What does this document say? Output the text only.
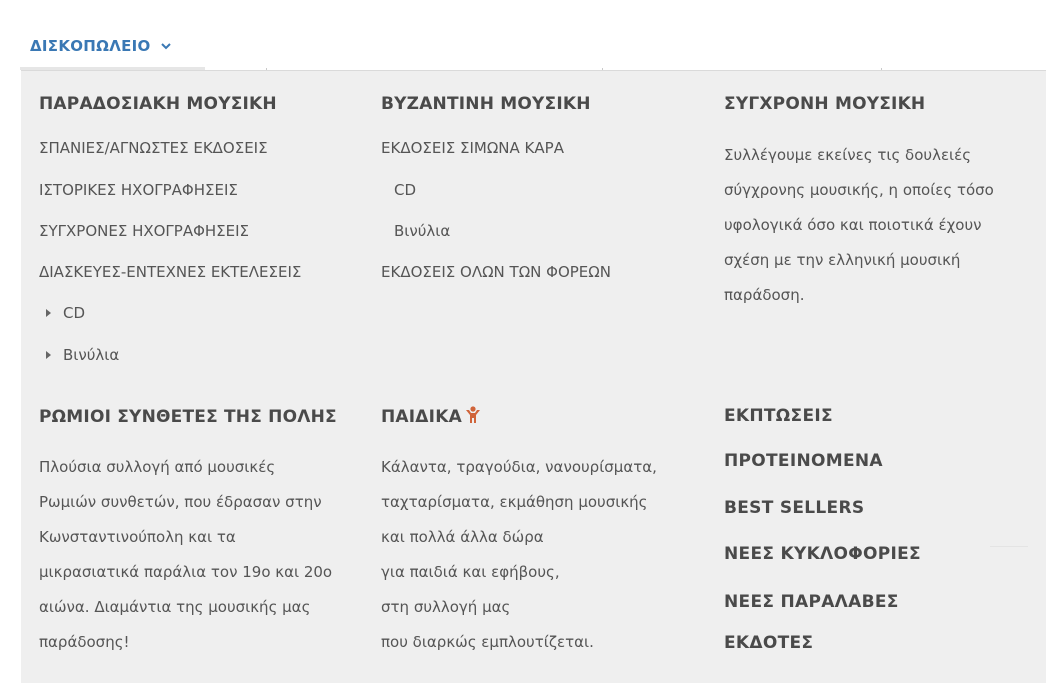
ΔΙΣΚΟΠΩΛΕΙΟ
ΠΑΡΑΔΟΣΙΑΚΗ ΜΟΥΣΙΚΗ
ΣΠΑΝΙΕΣ/ΑΓΝΩΣΤΕΣ ΕΚΔΟΣΕΙΣ
ΙΣΤΟΡΙΚΕΣ ΗΧΟΓΡΑΦΗΣΕΙΣ
ΣΥΓΧΡΟΝΕΣ ΗΧΟΓΡΑΦΗΣΕΙΣ
ΔΙΑΣΚΕΥΕΣ-ΕΝΤΕΧΝΕΣ ΕΚΤΕΛΕΣΕΙΣ
CD
Βινύλια
ΒΥΖΑΝΤΙΝΗ ΜΟΥΣΙΚΗ
ΕΚΔΟΣΕΙΣ ΣΙΜΩΝΑ ΚΑΡΑ
CD
Βινύλια
ΕΚΔΟΣΕΙΣ ΟΛΩΝ ΤΩΝ ΦΟΡΕΩΝ
ΣΥΓΧΡΟΝΗ ΜΟΥΣΙΚΗ
Συλλέγουμε εκείνες τις δουλειές
σύγχρονης μουσικής, η οποίες τόσο
υφολογικά όσο και ποιοτικά έχουν
σχέση με την ελληνική μουσική
παράδοση.
ΡΩΜΙΟΙ ΣΥΝΘΕΤΕΣ ΤΗΣ ΠΟΛΗΣ
Πλούσια συλλογή από μουσικές
Ρωμιών συνθετών, που έδρασαν στην
Κωνσταντινούπολη και τα
μικρασιατικά παράλια τον 19ο και 20ο
αιώνα. Διαμάντια της μουσικής μας
παράδοσης!
ΠΑΙΔΙΚΑ
Κάλαντα, τραγούδια, νανουρίσματα,
ταχταρίσματα, εκμάθηση μουσικής
και πολλά άλλα δώρα
για παιδιά και εφήβους,
στη συλλογή μας
που διαρκώς εμπλουτίζεται.
ΕΚΠΤΩΣΕΙΣ
ΠΡΟΤΕΙΝΟΜΕΝΑ
BEST SELLERS
ΝΕΕΣ ΚΥΚΛΟΦΟΡΙΕΣ
ΝΕΕΣ ΠΑΡΑΛΑΒΕΣ
ΕΚΔΟΤΕΣ
